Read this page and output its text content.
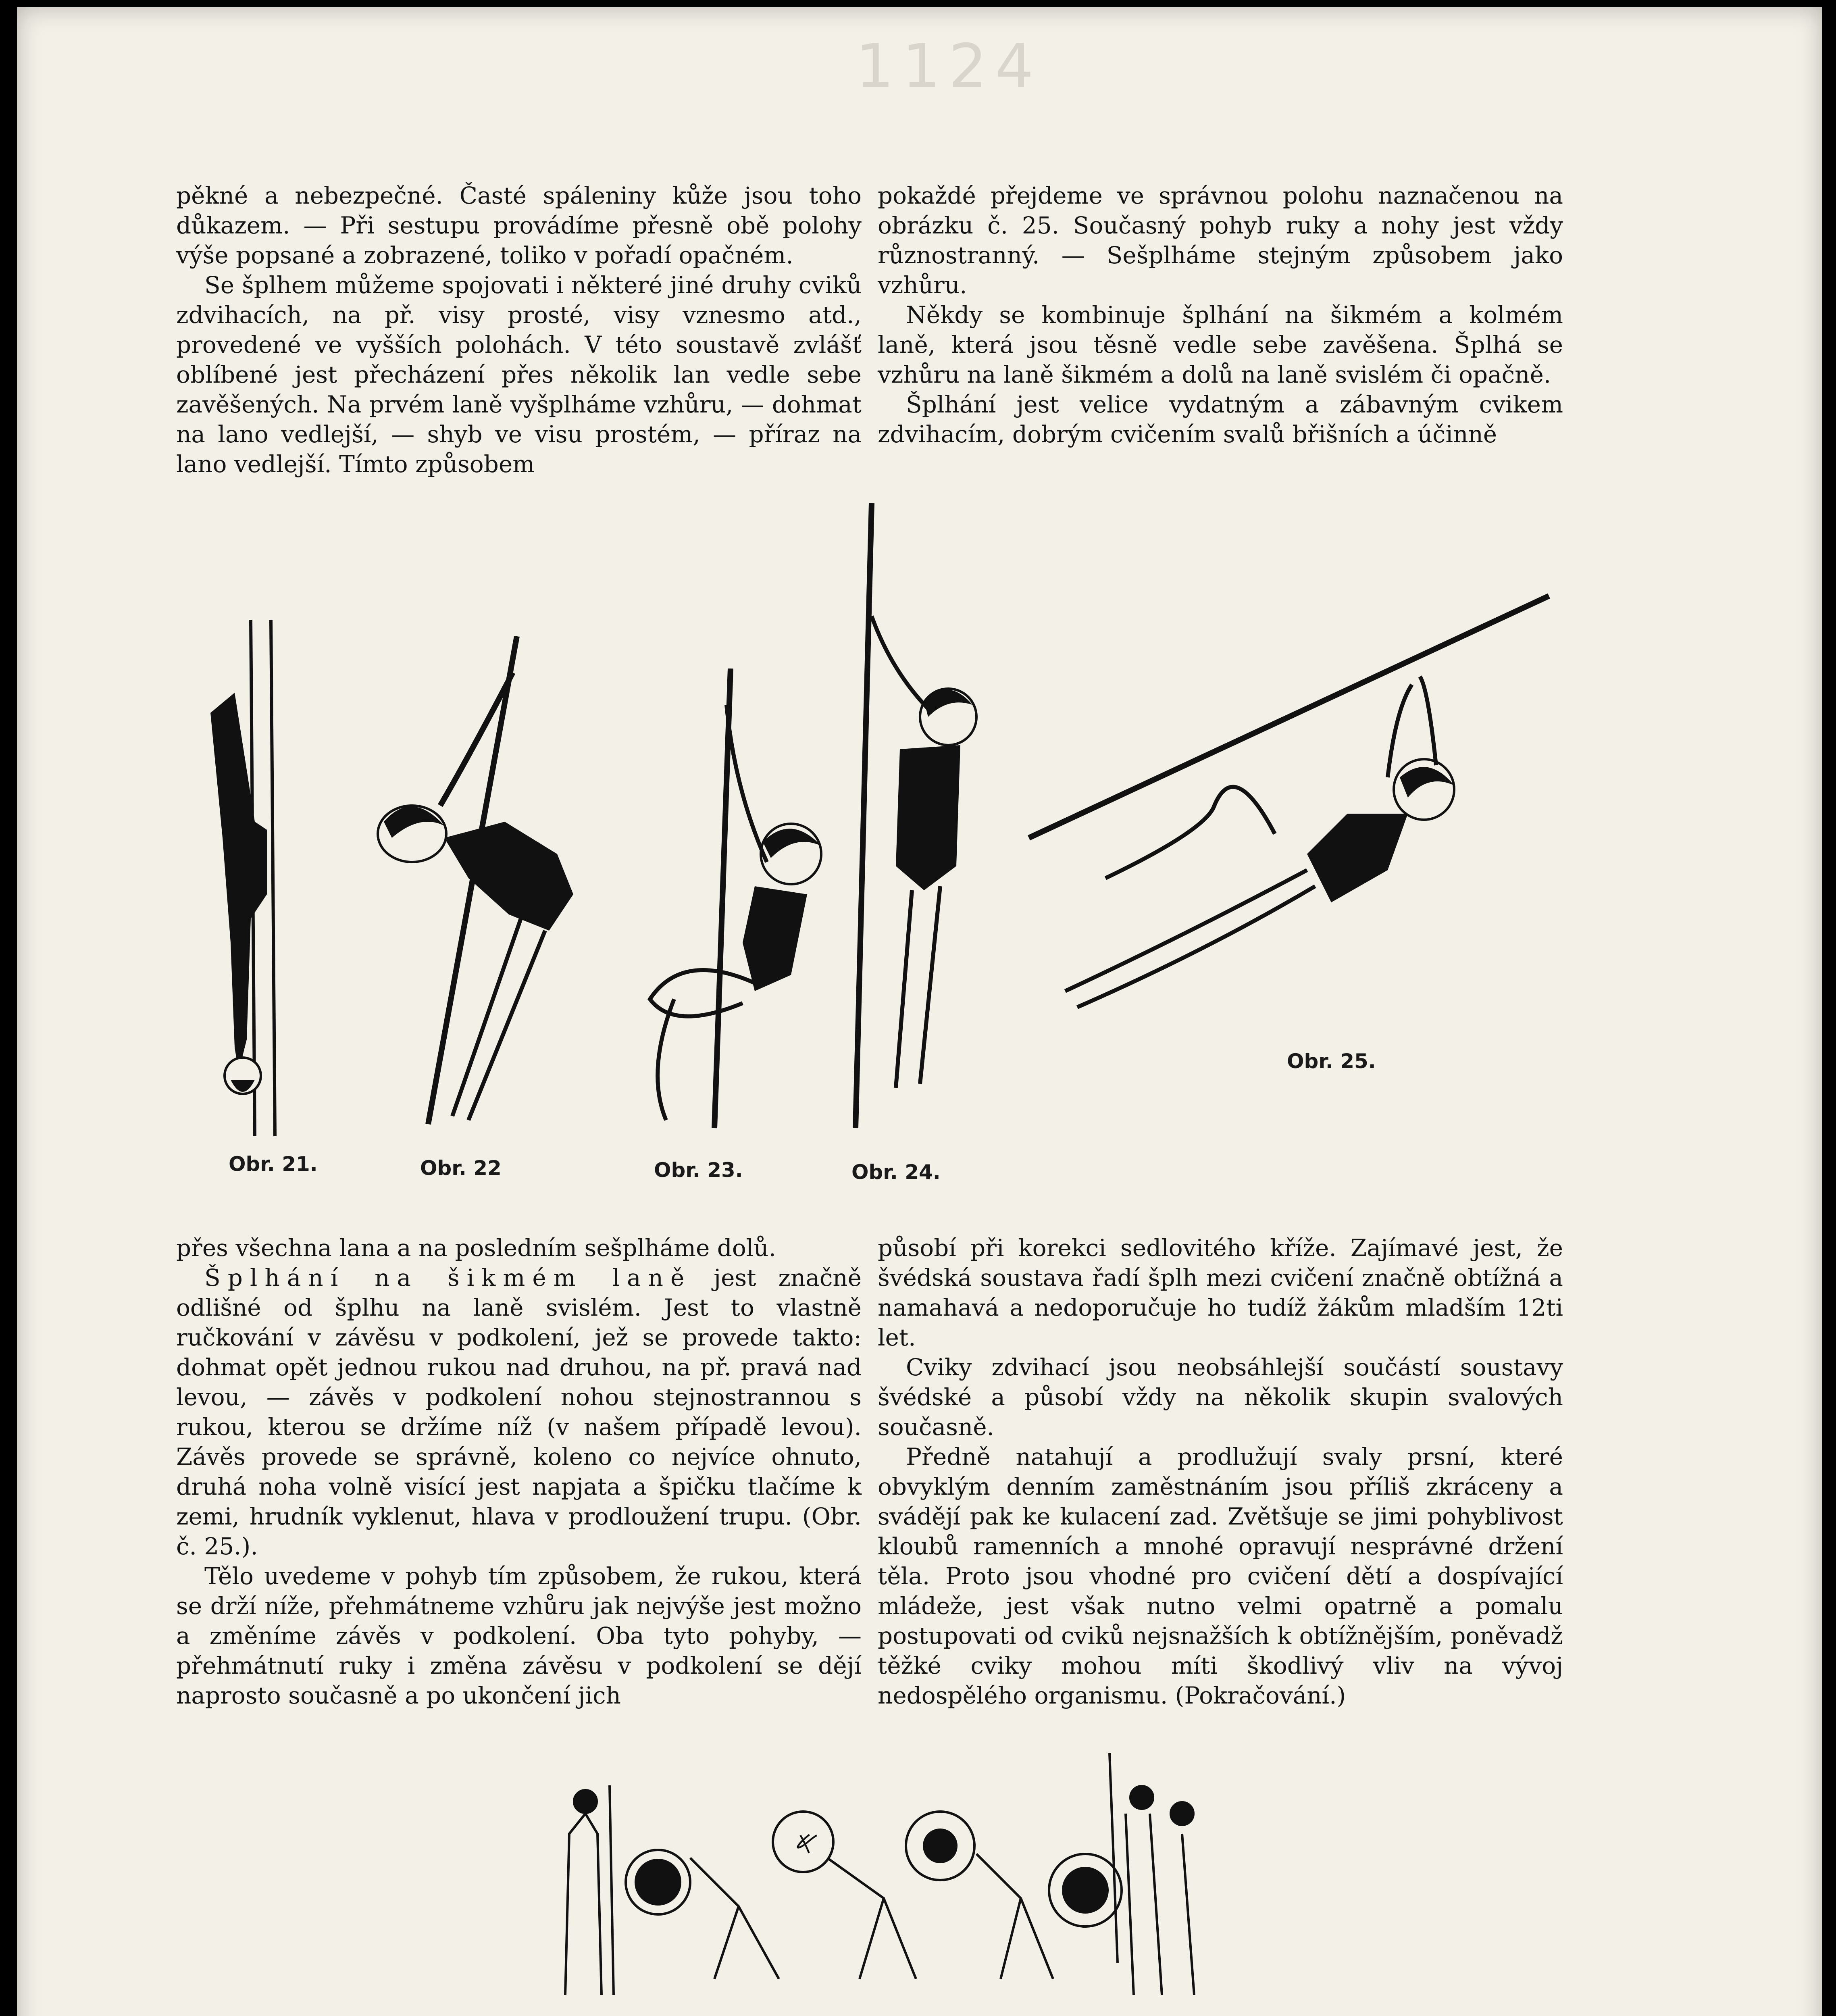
1124

pěkné a nebezpečné. Časté spáleniny kůže jsou toho důkazem. — Při sestupu provádíme přesně obě polohy výše popsané a zobrazené, toliko v pořadí opačném.

Se šplhem můžeme spojovati i některé jiné druhy cviků zdvihacích, na př. visy prosté, visy vznesmo atd., provedené ve vyšších polohách. V této soustavě zvlášť oblíbené jest přecházení přes několik lan vedle sebe zavěšených. Na prvém laně vyšplháme vzhůru, — dohmat na lano vedlejší, — shyb ve visu prostém, — příraz na lano vedlejší. Tímto způsobem

pokaždé přejdeme ve správnou polohu naznačenou na obrázku č. 25. Současný pohyb ruky a nohy jest vždy různostranný. — Sešplháme stejným způsobem jako vzhůru.

Někdy se kombinuje šplhání na šikmém a kolmém laně, která jsou těsně vedle sebe zavěšena. Šplhá se vzhůru na laně šikmém a dolů na laně svislém či opačně.

Šplhání jest velice vydatným a zábavným cvikem zdvihacím, dobrým cvičením svalů břišních a účinně

Obr. 21.	Obr. 22	Obr. 23.	Obr. 24.
Obr. 25.

přes všechna lana a na posledním sešplháme dolů.

Šplhání na šikmém laně jest značně odlišné od šplhu na laně svislém. Jest to vlastně ručkování v závěsu v podkolení, jež se provede takto: dohmat opět jednou rukou nad druhou, na př. pravá nad levou, — závěs v podkolení nohou stejnostrannou s rukou, kterou se držíme níž (v našem případě levou). Závěs provede se správně, koleno co nejvíce ohnuto, druhá noha volně visící jest napjata a špičku tlačíme k zemi, hrudník vyklenut, hlava v prodloužení trupu. (Obr. č. 25.).

Tělo uvedeme v pohyb tím způsobem, že rukou, která se drží níže, přehmátneme vzhůru jak nejvýše jest možno a změníme závěs v podkolení. Oba tyto pohyby, — přehmátnutí ruky i změna závěsu v podkolení se dějí naprosto současně a po ukončení jich

působí při korekci sedlovitého kříže. Zajímavé jest, že švédská soustava řadí šplh mezi cvičení značně obtížná a namahavá a nedoporučuje ho tudíž žákům mladším 12ti let.

Cviky zdvihací jsou neobsáhlejší součástí soustavy švédské a působí vždy na několik skupin svalových současně.

Předně natahují a prodlužují svaly prsní, které obvyklým denním zaměstnáním jsou příliš zkráceny a svádějí pak ke kulacení zad. Zvětšuje se jimi pohyblivost kloubů ramenních a mnohé opravují nesprávné držení těla. Proto jsou vhodné pro cvičení dětí a dospívající mládeže, jest však nutno velmi opatrně a pomalu postupovati od cviků nejsnažších k obtížnějším, poněvadž těžké cviky mohou míti škodlivý vliv na vývoj nedospělého organismu. (Pokračování.)

𐤀
